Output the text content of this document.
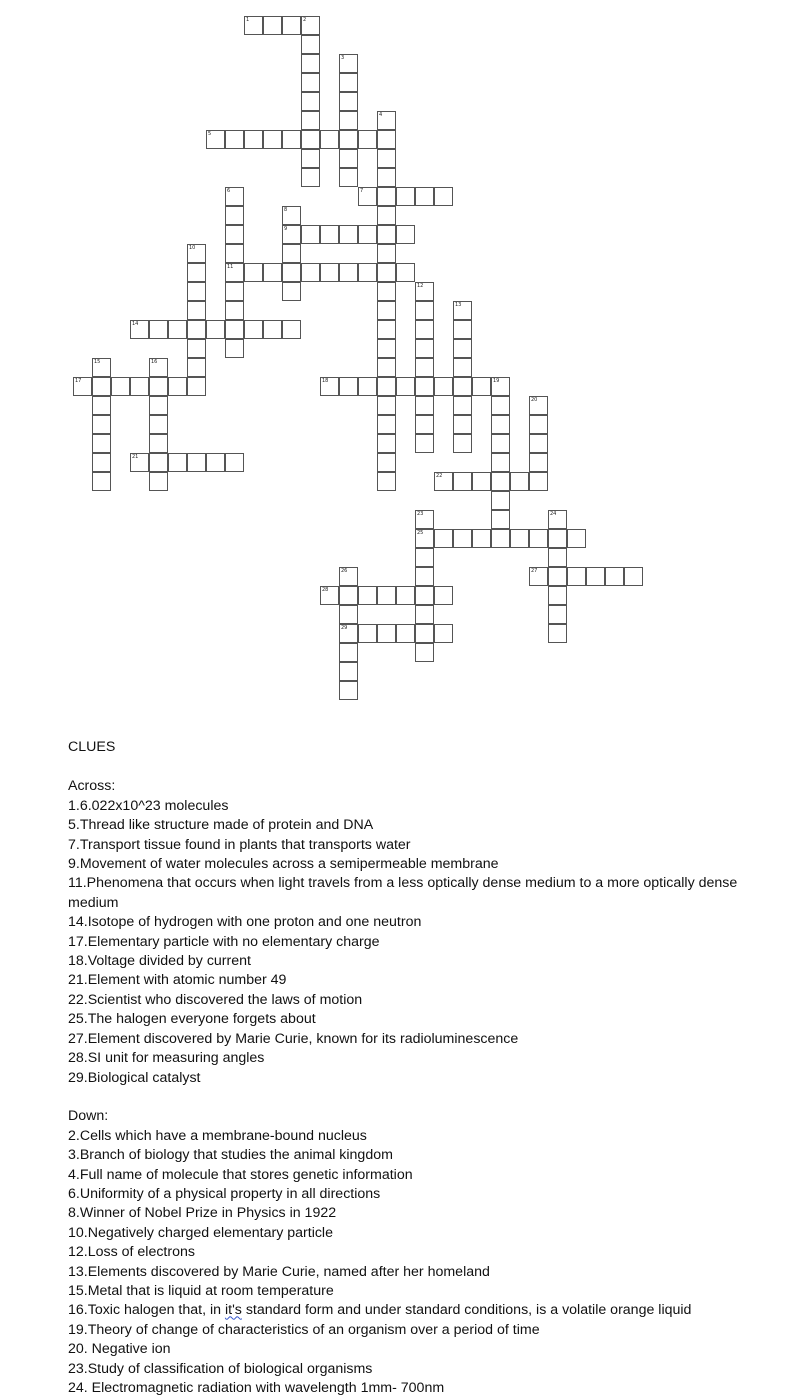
1	2
3
4
5
6
11
7
8
9
10
12
13
14
15	16
17	18	19
20
21
22
23
25
24
26
29
27
28

CLUES

Across:

1.6.022x10^23 molecules

5.Thread like structure made of protein and DNA

7.Transport tissue found in plants that transports water

9.Movement of water molecules across a semipermeable membrane

11.Phenomena that occurs when light travels from a less optically dense medium to a more optically dense medium

14.Isotope of hydrogen with one proton and one neutron

17.Elementary particle with no elementary charge

18.Voltage divided by current

21.Element with atomic number 49

22.Scientist who discovered the laws of motion

25.The halogen everyone forgets about

27.Element discovered by Marie Curie, known for its radioluminescence

28.SI unit for measuring angles

29.Biological catalyst

Down:

2.Cells which have a membrane-bound nucleus

3.Branch of biology that studies the animal kingdom

4.Full name of molecule that stores genetic information

6.Uniformity of a physical property in all directions

8.Winner of Nobel Prize in Physics in 1922

10.Negatively charged elementary particle

12.Loss of electrons

13.Elements discovered by Marie Curie, named after her homeland

15.Metal that is liquid at room temperature

16.Toxic halogen that, in it's standard form and under standard conditions, is a volatile orange liquid

19.Theory of change of characteristics of an organism over a period of time

20. Negative ion

23.Study of classification of biological organisms

24. Electromagnetic radiation with wavelength 1mm- 700nm
